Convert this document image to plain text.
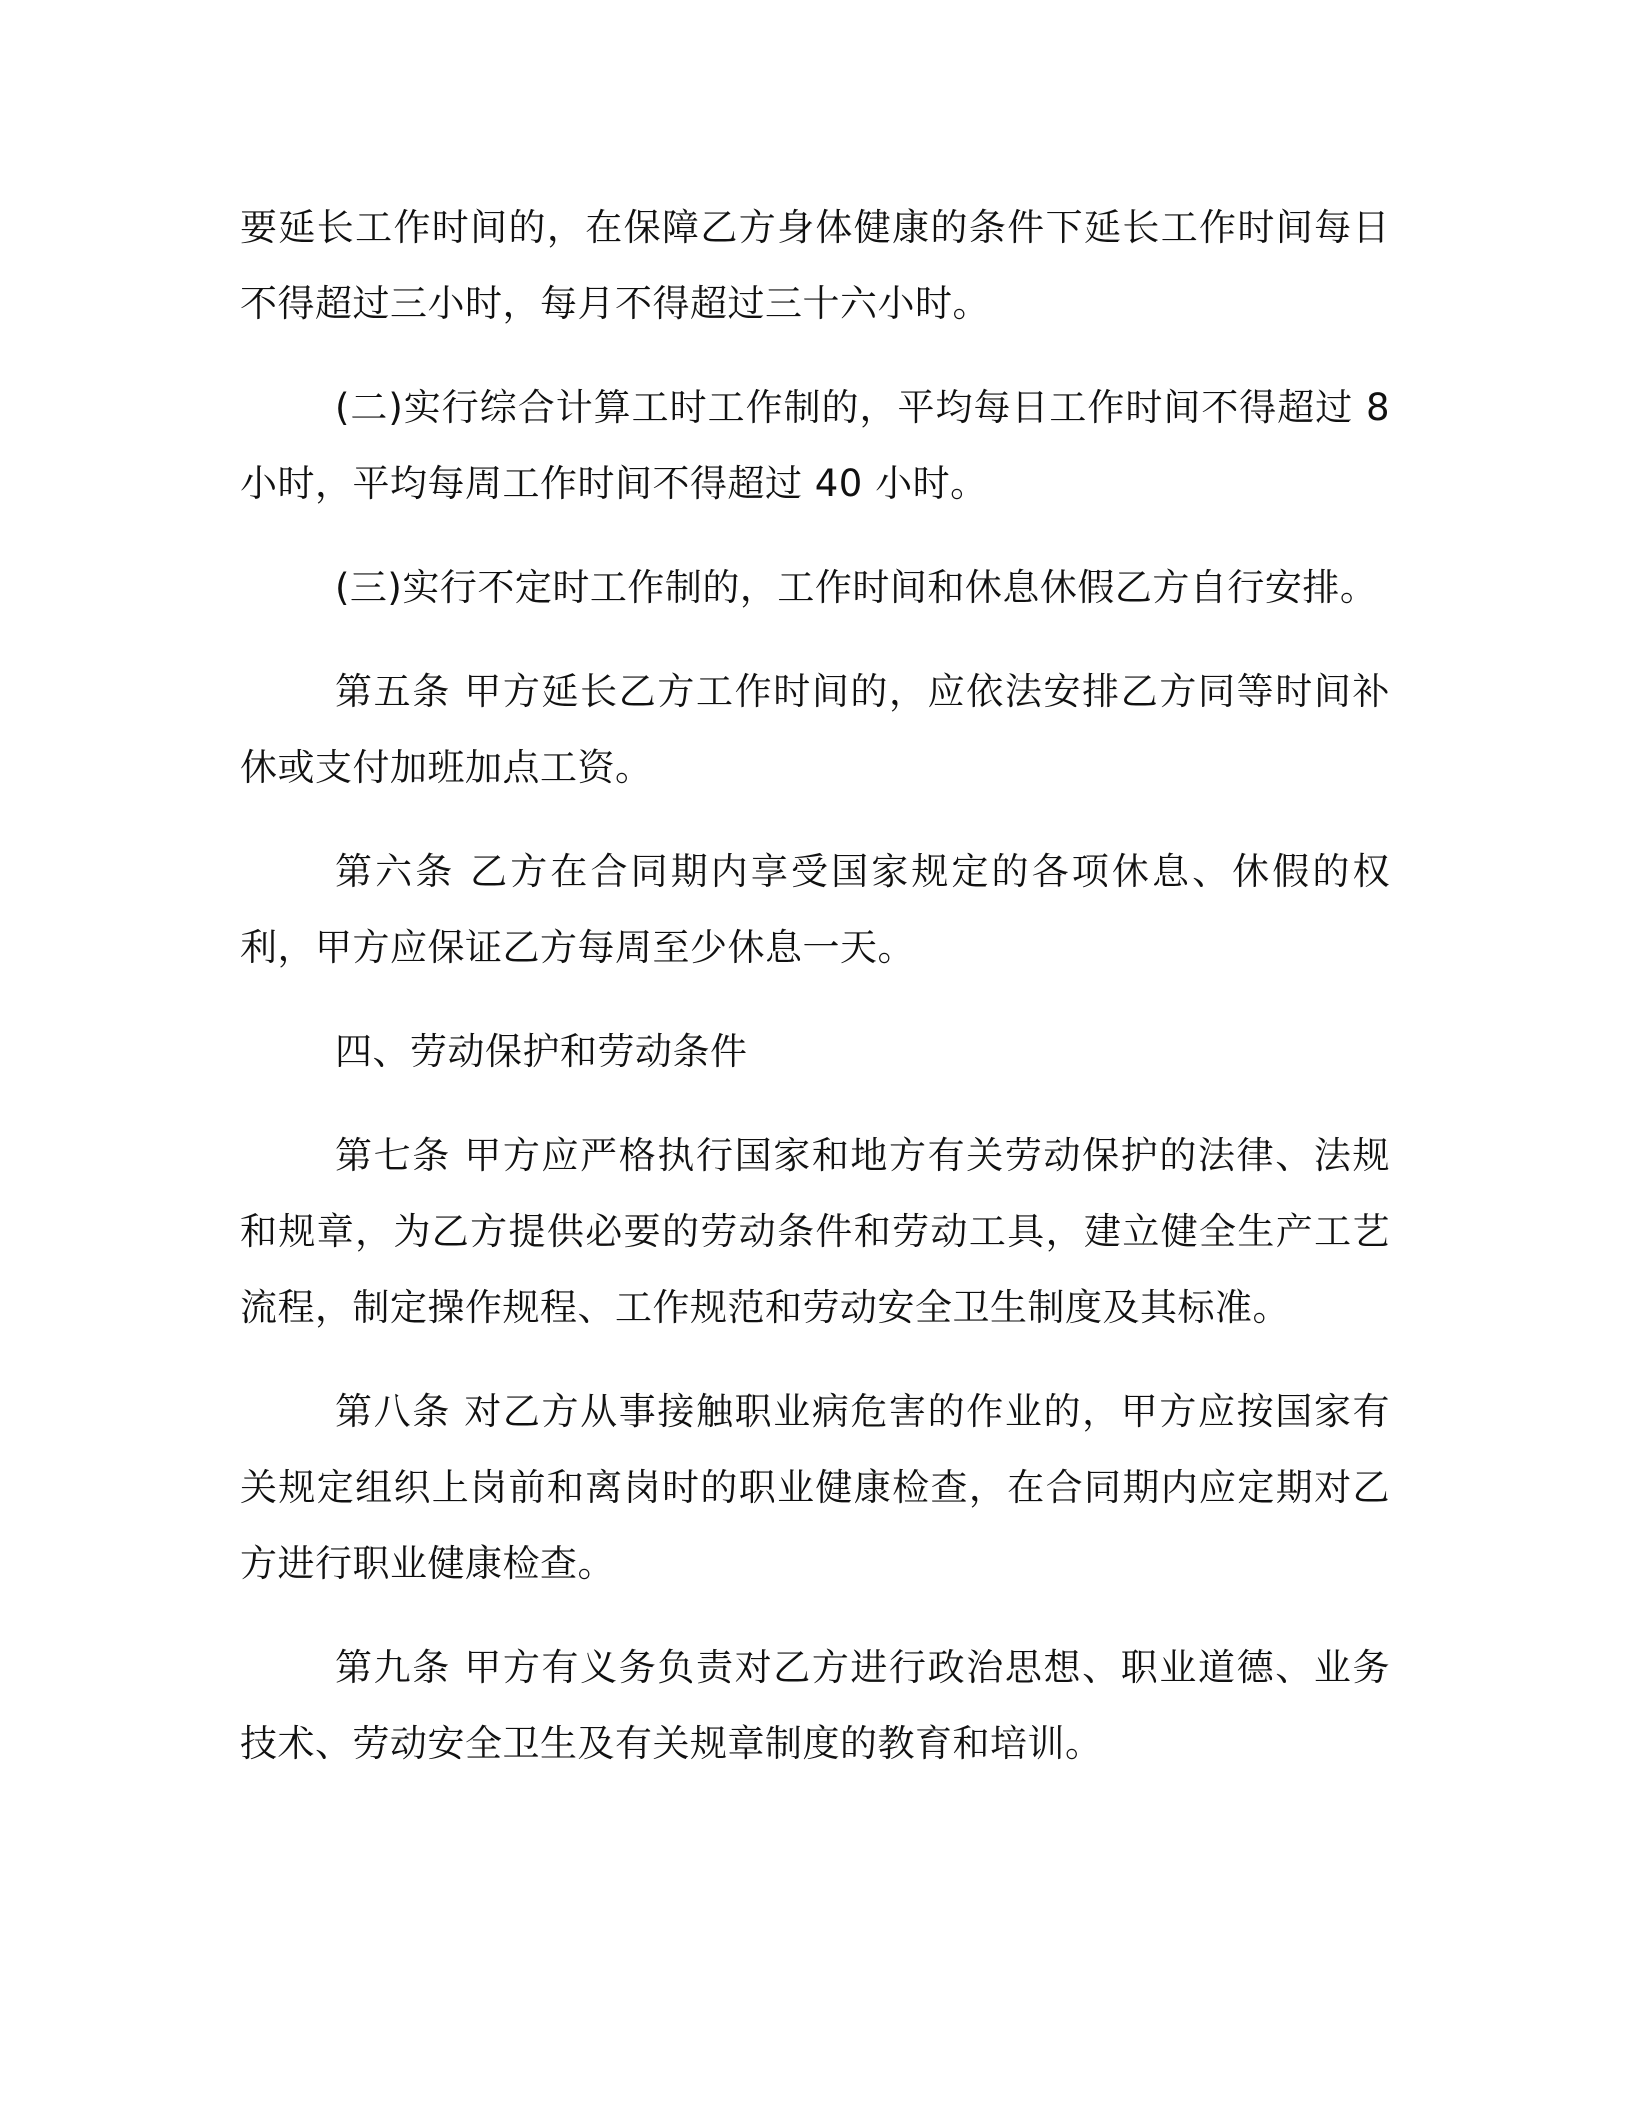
要延长工作时间的，在保障乙方身体健康的条件下延长工作时间每日不得超过三小时，每月不得超过三十六小时。

(二)实行综合计算工时工作制的，平均每日工作时间不得超过 8 小时，平均每周工作时间不得超过 40 小时。

(三)实行不定时工作制的，工作时间和休息休假乙方自行安排。

第五条 甲方延长乙方工作时间的，应依法安排乙方同等时间补休或支付加班加点工资。

第六条 乙方在合同期内享受国家规定的各项休息、休假的权利，甲方应保证乙方每周至少休息一天。

四、劳动保护和劳动条件

第七条 甲方应严格执行国家和地方有关劳动保护的法律、法规和规章，为乙方提供必要的劳动条件和劳动工具，建立健全生产工艺流程，制定操作规程、工作规范和劳动安全卫生制度及其标准。

第八条 对乙方从事接触职业病危害的作业的，甲方应按国家有关规定组织上岗前和离岗时的职业健康检查，在合同期内应定期对乙方进行职业健康检查。

第九条 甲方有义务负责对乙方进行政治思想、职业道德、业务技术、劳动安全卫生及有关规章制度的教育和培训。
